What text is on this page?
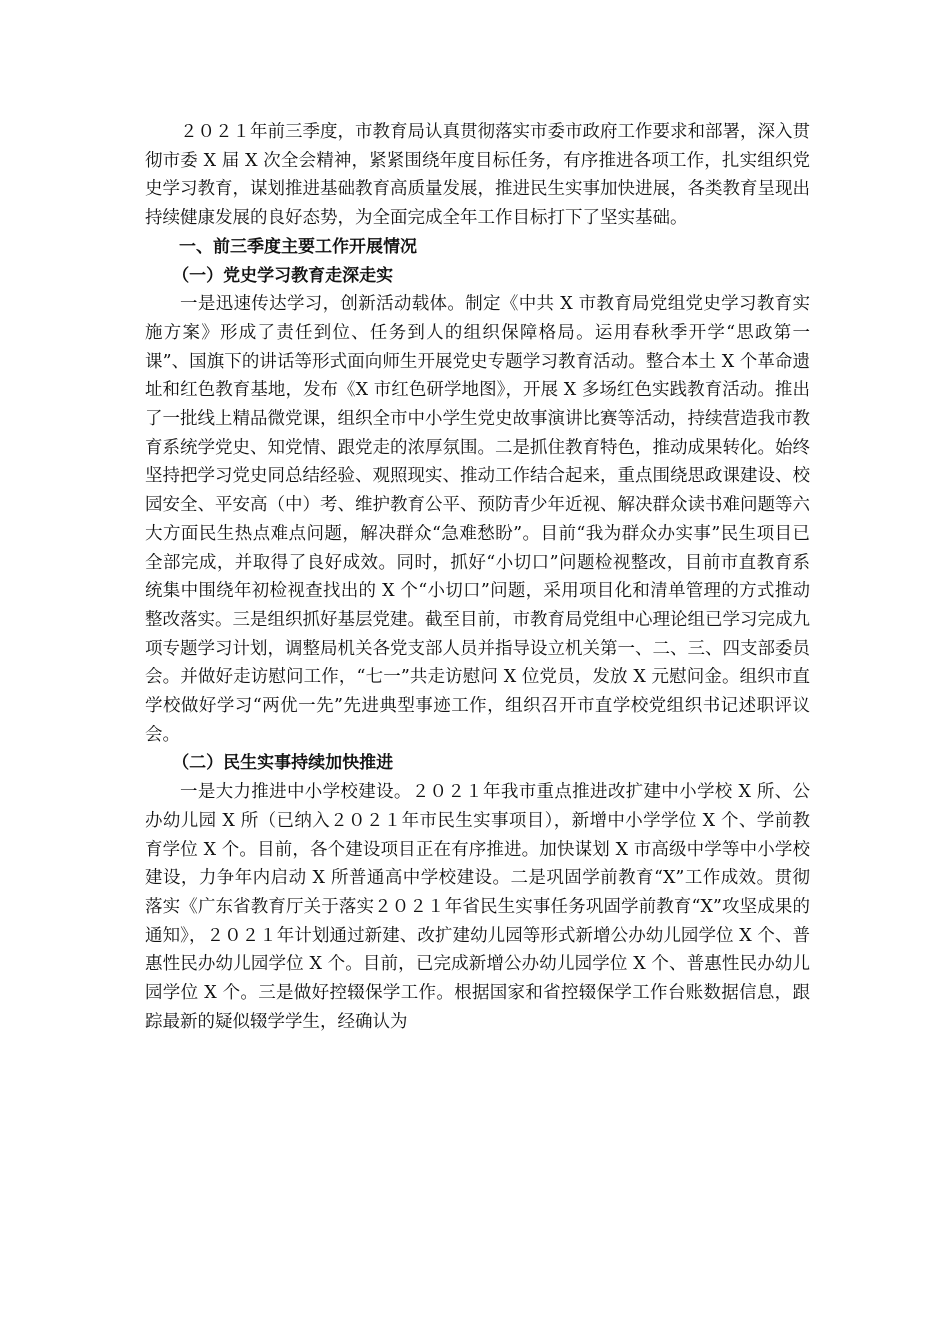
２０２１年前三季度，市教育局认真贯彻落实市委市政府工作要求和部署，深入贯彻市委 X 届 X 次全会精神，紧紧围绕年度目标任务，有序推进各项工作，扎实组织党史学习教育，谋划推进基础教育高质量发展，推进民生实事加快进展，各类教育呈现出持续健康发展的良好态势，为全面完成全年工作目标打下了坚实基础。

一、前三季度主要工作开展情况

（一）党史学习教育走深走实

一是迅速传达学习，创新活动载体。制定《中共 X 市教育局党组党史学习教育实施方案》形成了责任到位、任务到人的组织保障格局。运用春秋季开学“思政第一课”、国旗下的讲话等形式面向师生开展党史专题学习教育活动。整合本土 X 个革命遗址和红色教育基地，发布《X 市红色研学地图》，开展 X 多场红色实践教育活动。推出了一批线上精品微党课，组织全市中小学生党史故事演讲比赛等活动，持续营造我市教育系统学党史、知党情、跟党走的浓厚氛围。二是抓住教育特色，推动成果转化。始终坚持把学习党史同总结经验、观照现实、推动工作结合起来，重点围绕思政课建设、校园安全、平安高（中）考、维护教育公平、预防青少年近视、解决群众读书难问题等六大方面民生热点难点问题，解决群众“急难愁盼”。目前“我为群众办实事”民生项目已全部完成，并取得了良好成效。同时，抓好“小切口”问题检视整改，目前市直教育系统集中围绕年初检视查找出的 X 个“小切口”问题，采用项目化和清单管理的方式推动整改落实。三是组织抓好基层党建。截至目前，市教育局党组中心理论组已学习完成九项专题学习计划，调整局机关各党支部人员并指导设立机关第一、二、三、四支部委员会。并做好走访慰问工作，“七一”共走访慰问 X 位党员，发放 X 元慰问金。组织市直学校做好学习“两优一先”先进典型事迹工作，组织召开市直学校党组织书记述职评议会。

（二）民生实事持续加快推进

一是大力推进中小学校建设。２０２１年我市重点推进改扩建中小学校 X 所、公办幼儿园 X 所（已纳入２０２１年市民生实事项目），新增中小学学位 X 个、学前教育学位 X 个。目前，各个建设项目正在有序推进。加快谋划 X 市高级中学等中小学校建设，力争年内启动 X 所普通高中学校建设。二是巩固学前教育“X”工作成效。贯彻落实《广东省教育厅关于落实２０２１年省民生实事任务巩固学前教育“X”攻坚成果的通知》，２０２１年计划通过新建、改扩建幼儿园等形式新增公办幼儿园学位 X 个、普惠性民办幼儿园学位 X 个。目前，已完成新增公办幼儿园学位 X 个、普惠性民办幼儿园学位 X 个。三是做好控辍保学工作。根据国家和省控辍保学工作台账数据信息，跟踪最新的疑似辍学学生，经确认为
